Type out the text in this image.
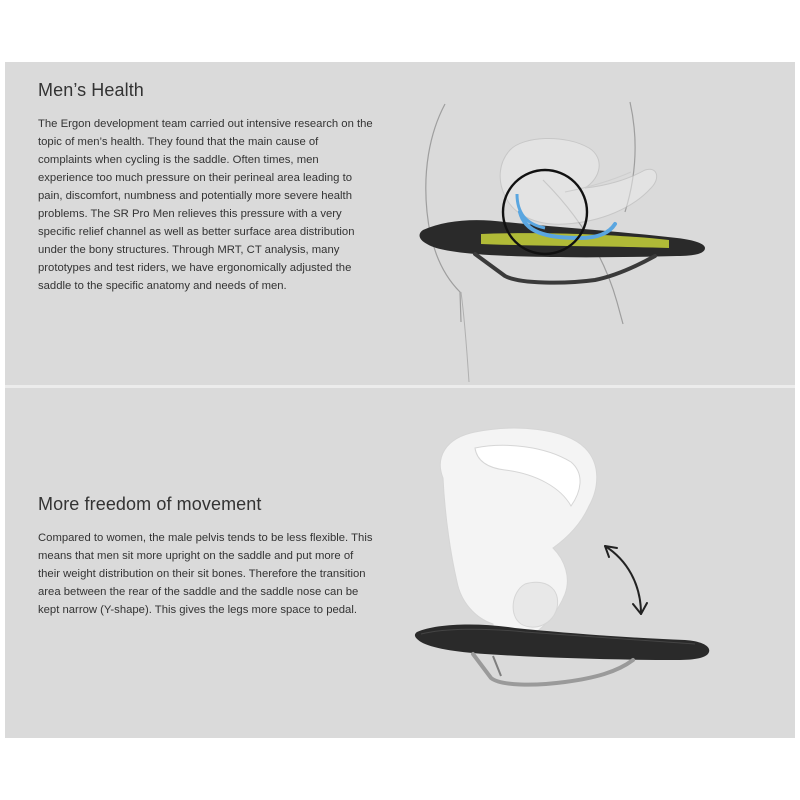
Men’s Health

The Ergon development team carried out intensive research on the topic of men’s health. They found that the main cause of complaints when cycling is the saddle. Often times, men experience too much pressure on their perineal area leading to pain, discomfort, numbness and potentially more severe health problems. The SR Pro Men relieves this pressure with a very specific relief channel as well as better surface area distribution under the bony structures. Through MRT, CT analysis, many prototypes and test riders, we have ergonomically adjusted the saddle to the specific anatomy and needs of men.

More freedom of movement

Compared to women, the male pelvis tends to be less flexible. This means that men sit more upright on the saddle and put more of their weight distribution on their sit bones. Therefore the transition area between the rear of the saddle and the saddle nose can be kept narrow (Y-shape). This gives the legs more space to pedal.
